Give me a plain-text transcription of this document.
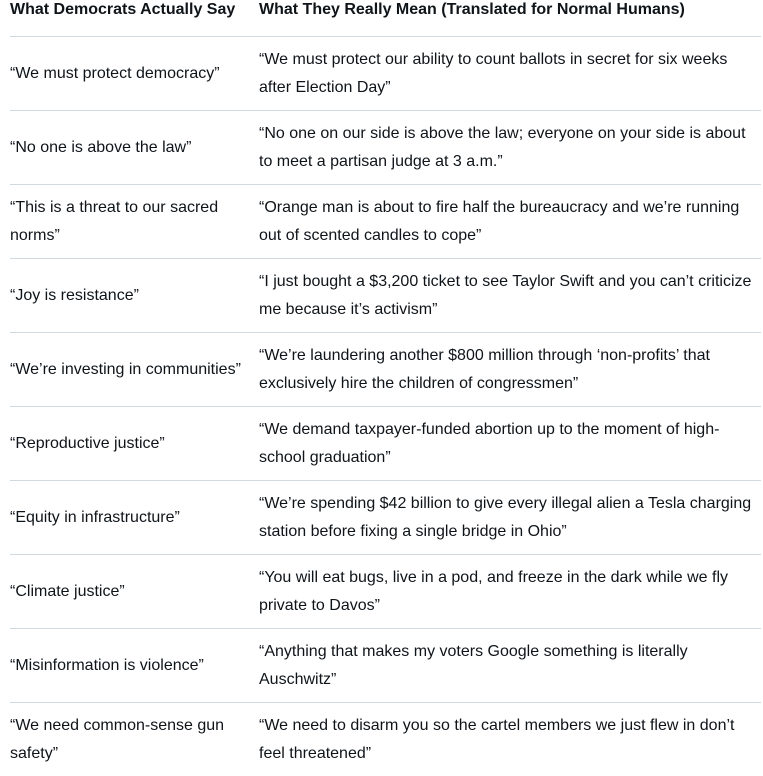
What Democrats Actually Say	What They Really Mean (Translated for Normal Humans)
“We must protect democracy”	“We must protect our ability to count ballots in secret for six weeks after Election Day”
“No one is above the law”	“No one on our side is above the law; everyone on your side is about to meet a partisan judge at 3 a.m.”
“This is a threat to our sacred norms”	“Orange man is about to fire half the bureaucracy and we’re running out of scented candles to cope”
“Joy is resistance”	“I just bought a $3,200 ticket to see Taylor Swift and you can’t criticize me because it’s activism”
“We’re investing in communities”	“We’re laundering another $800 million through ‘non-profits’ that exclusively hire the children of congressmen”
“Reproductive justice”	“We demand taxpayer-funded abortion up to the moment of high-school graduation”
“Equity in infrastructure”	“We’re spending $42 billion to give every illegal alien a Tesla charging station before fixing a single bridge in Ohio”
“Climate justice”	“You will eat bugs, live in a pod, and freeze in the dark while we fly private to Davos”
“Misinformation is violence”	“Anything that makes my voters Google something is literally Auschwitz”
“We need common-sense gun safety”	“We need to disarm you so the cartel members we just flew in don’t feel threatened”
